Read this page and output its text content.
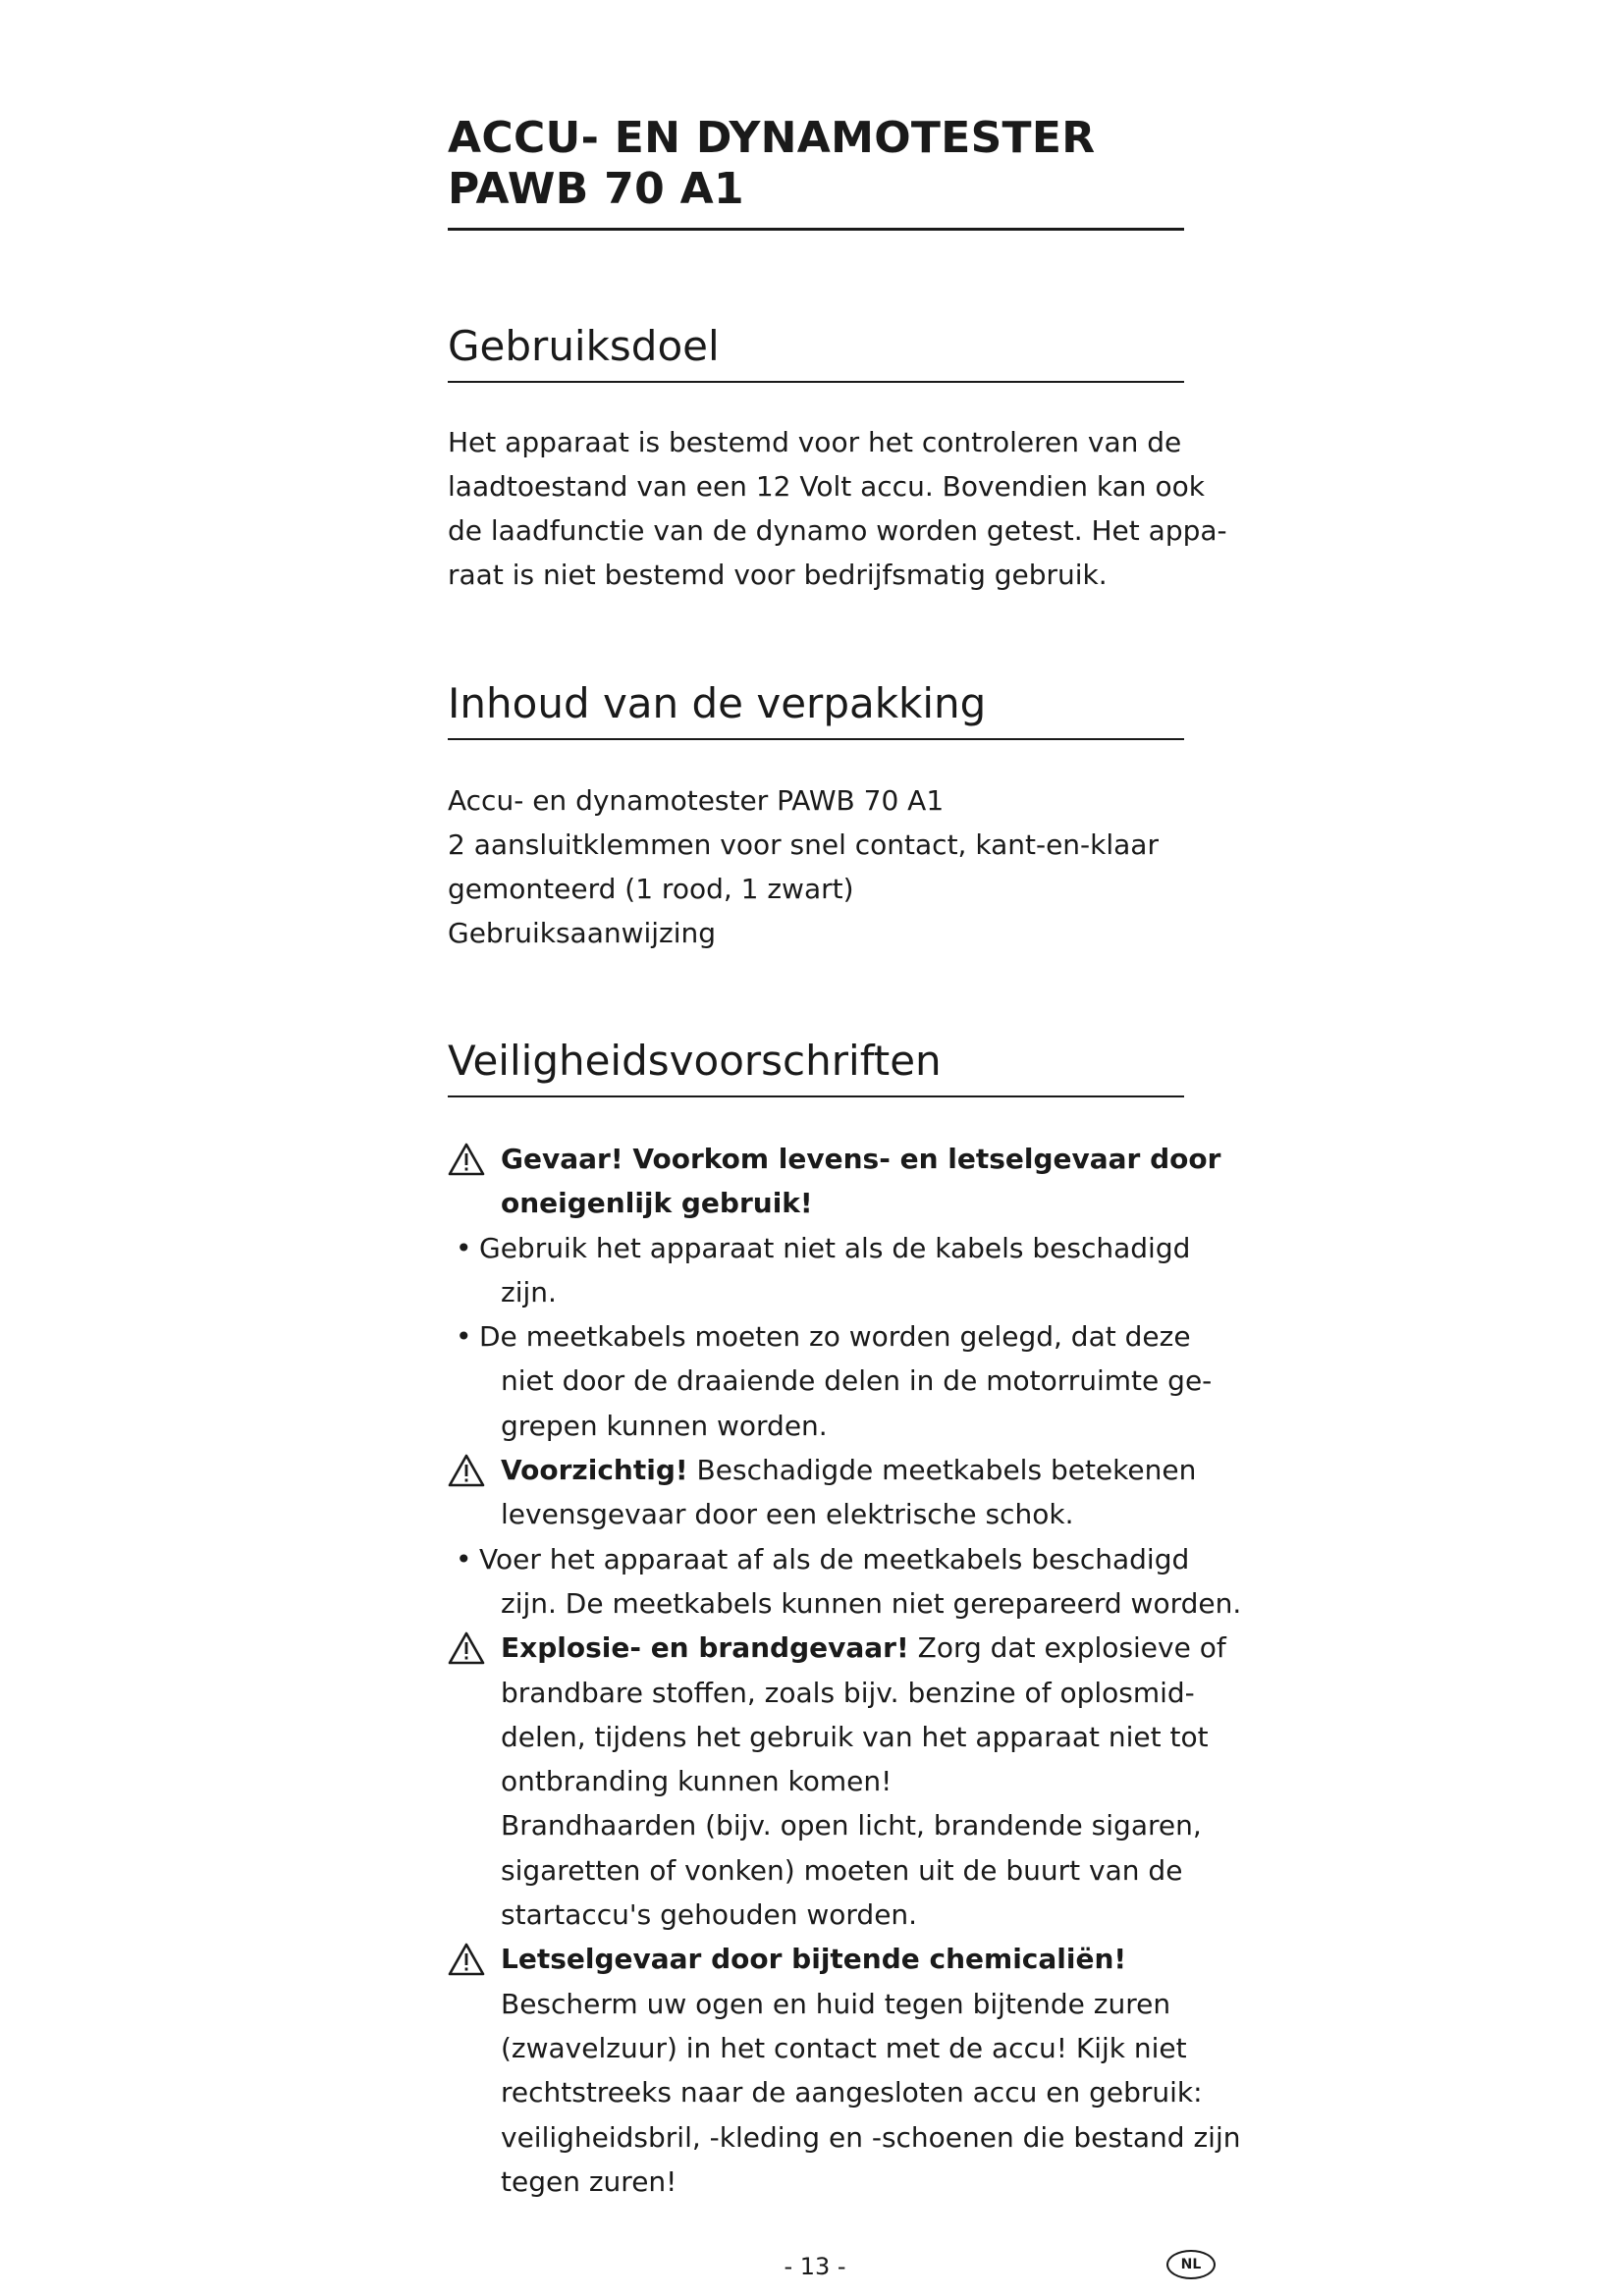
ACCU- EN DYNAMOTESTER
PAWB 70 A1
Gebruiksdoel
Het apparaat is bestemd voor het controleren van de
laadtoestand van een 12 Volt accu. Bovendien kan ook
de laadfunctie van de dynamo worden getest. Het appa-
raat is niet bestemd voor bedrijfsmatig gebruik.
Inhoud van de verpakking
Accu- en dynamotester PAWB 70 A1
2 aansluitklemmen voor snel contact, kant-en-klaar
gemonteerd (1 rood, 1 zwart)
Gebruiksaanwijzing
Veiligheidsvoorschriften
Gevaar! Voorkom levens- en letselgevaar door
oneigenlijk gebruik!
• Gebruik het apparaat niet als de kabels beschadigd
zijn.
• De meetkabels moeten zo worden gelegd, dat deze
niet door de draaiende delen in de motorruimte ge-
grepen kunnen worden.
Voorzichtig! Beschadigde meetkabels betekenen
levensgevaar door een elektrische schok.
• Voer het apparaat af als de meetkabels beschadigd
zijn. De meetkabels kunnen niet gerepareerd worden.
Explosie- en brandgevaar! Zorg dat explosieve of
brandbare stoffen, zoals bijv. benzine of oplosmid-
delen, tijdens het gebruik van het apparaat niet tot
ontbranding kunnen komen!
Brandhaarden (bijv. open licht, brandende sigaren,
sigaretten of vonken) moeten uit de buurt van de
startaccu's gehouden worden.
Letselgevaar door bijtende chemicaliën!
Bescherm uw ogen en huid tegen bijtende zuren
(zwavelzuur) in het contact met de accu! Kijk niet
rechtstreeks naar de aangesloten accu en gebruik:
veiligheidsbril, -kleding en -schoenen die bestand zijn
tegen zuren!
- 13 -	NL
